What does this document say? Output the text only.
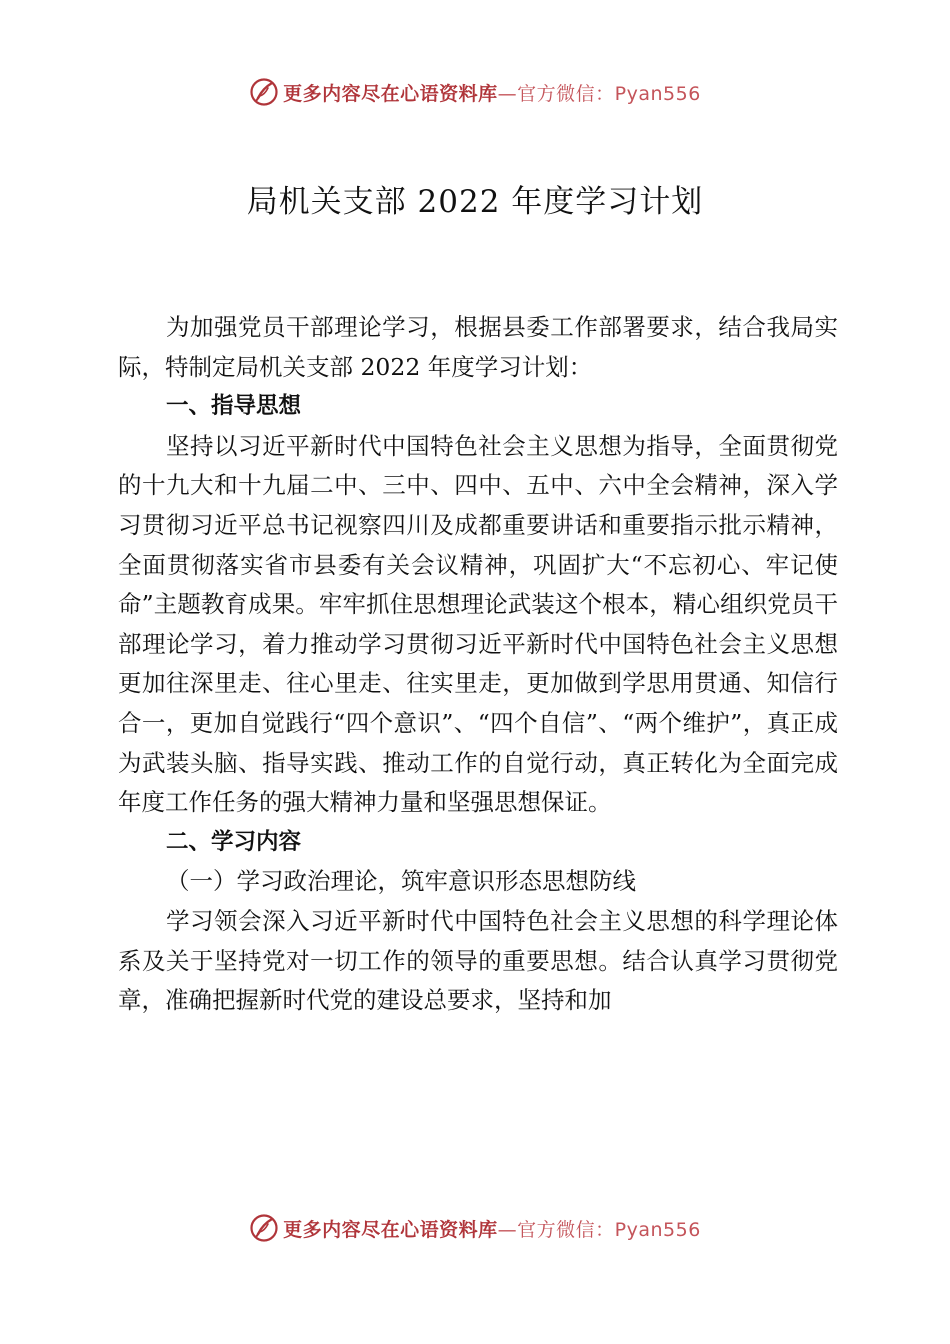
更多内容尽在心语资料库—官方微信：Pyan556
局机关支部 2022 年度学习计划

为加强党员干部理论学习，根据县委工作部署要求，结合我局实际，特制定局机关支部 2022 年度学习计划：

一、指导思想

坚持以习近平新时代中国特色社会主义思想为指导，全面贯彻党的十九大和十九届二中、三中、四中、五中、六中全会精神，深入学习贯彻习近平总书记视察四川及成都重要讲话和重要指示批示精神，全面贯彻落实省市县委有关会议精神，巩固扩大“不忘初心、牢记使命”主题教育成果。牢牢抓住思想理论武装这个根本，精心组织党员干部理论学习，着力推动学习贯彻习近平新时代中国特色社会主义思想更加往深里走、往心里走、往实里走，更加做到学思用贯通、知信行合一，更加自觉践行“四个意识”、“四个自信”、“两个维护”，真正成为武装头脑、指导实践、推动工作的自觉行动，真正转化为全面完成年度工作任务的强大精神力量和坚强思想保证。

二、学习内容

（一）学习政治理论，筑牢意识形态思想防线

学习领会深入习近平新时代中国特色社会主义思想的科学理论体系及关于坚持党对一切工作的领导的重要思想。结合认真学习贯彻党章，准确把握新时代党的建设总要求，坚持和加

更多内容尽在心语资料库—官方微信：Pyan556
